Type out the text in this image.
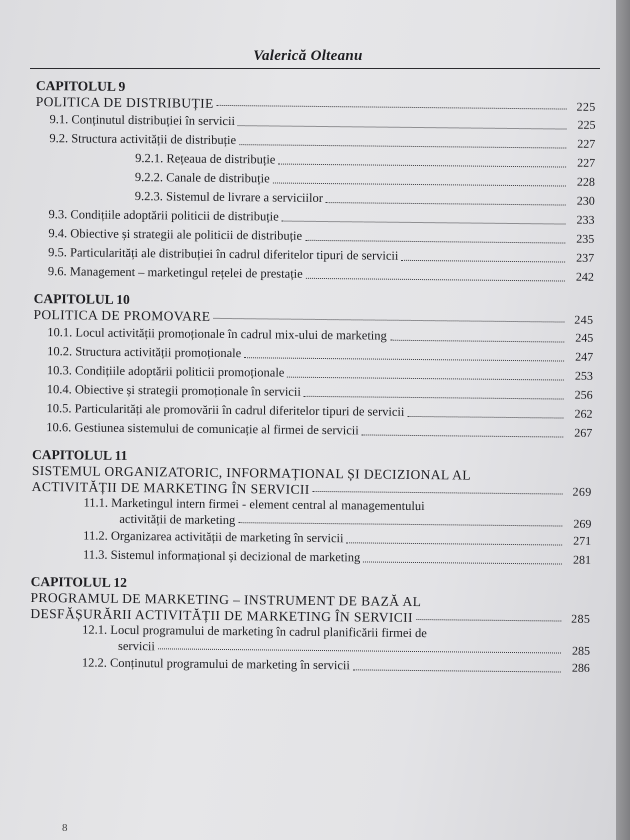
Valerică Olteanu
CAPITOLUL 9
POLITICA DE DISTRIBUȚIE	225
9.1. Conținutul distribuției în servicii	225
9.2. Structura activității de distribuție	227
9.2.1. Rețeaua de distribuție	227
9.2.2. Canale de distribuție	228
9.2.3. Sistemul de livrare a serviciilor	230
9.3. Condițiile adoptării politicii de distribuție	233
9.4. Obiective și strategii ale politicii de distribuție	235
9.5. Particularități ale distribuției în cadrul diferitelor tipuri de servicii	237
9.6. Management – marketingul rețelei de prestație	242
CAPITOLUL 10
POLITICA DE PROMOVARE	245
10.1. Locul activității promoționale în cadrul mix-ului de marketing	245
10.2. Structura activității promoționale	247
10.3. Condițiile adoptării politicii promoționale	253
10.4. Obiective și strategii promoționale în servicii	256
10.5. Particularități ale promovării în cadrul diferitelor tipuri de servicii	262
10.6. Gestiunea sistemului de comunicație al firmei de servicii	267
CAPITOLUL 11
SISTEMUL ORGANIZATORIC, INFORMAȚIONAL ȘI DECIZIONAL AL
ACTIVITĂȚII DE MARKETING ÎN SERVICII	269
11.1. Marketingul intern firmei - element central al managementului
activității de marketing	269
11.2. Organizarea activității de marketing în servicii	271
11.3. Sistemul informațional și decizional de marketing	281
CAPITOLUL 12
PROGRAMUL DE MARKETING – INSTRUMENT DE BAZĂ AL
DESFĂȘURĂRII ACTIVITĂȚII DE MARKETING ÎN SERVICII	285
12.1. Locul programului de marketing în cadrul planificării firmei de
servicii	285
12.2. Conținutul programului de marketing în servicii	286
8
